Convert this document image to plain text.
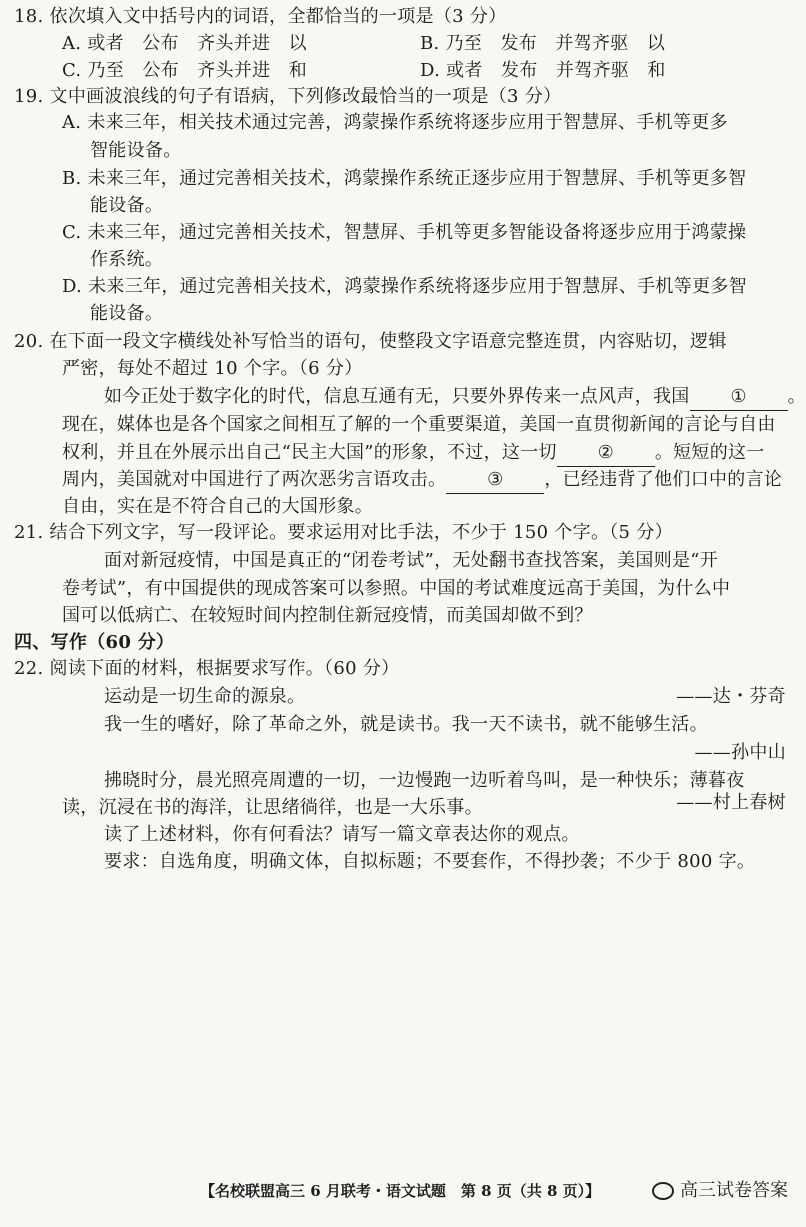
18. 依次填入文中括号内的词语，全都恰当的一项是（3 分）
A. 或者　公布　齐头并进　以	B. 乃至　发布　并驾齐驱　以
C. 乃至　公布　齐头并进　和	D. 或者　发布　并驾齐驱　和
19. 文中画波浪线的句子有语病，下列修改最恰当的一项是（3 分）
A. 未来三年，相关技术通过完善，鸿蒙操作系统将逐步应用于智慧屏、手机等更多
智能设备。
B. 未来三年，通过完善相关技术，鸿蒙操作系统正逐步应用于智慧屏、手机等更多智
能设备。
C. 未来三年，通过完善相关技术，智慧屏、手机等更多智能设备将逐步应用于鸿蒙操
作系统。
D. 未来三年，通过完善相关技术，鸿蒙操作系统将逐步应用于智慧屏、手机等更多智
能设备。
20. 在下面一段文字横线处补写恰当的语句，使整段文字语意完整连贯，内容贴切，逻辑
严密，每处不超过 10 个字。（6 分）
如今正处于数字化的时代，信息互通有无，只要外界传来一点风声，我国 ① 。
现在，媒体也是各个国家之间相互了解的一个重要渠道，美国一直贯彻新闻的言论与自由
权利，并且在外展示出自己“民主大国”的形象，不过，这一切 ② 。短短的这一
周内，美国就对中国进行了两次恶劣言语攻击。 ③ ，已经违背了他们口中的言论
自由，实在是不符合自己的大国形象。
21. 结合下列文字，写一段评论。要求运用对比手法，不少于 150 个字。（5 分）
面对新冠疫情，中国是真正的“闭卷考试”，无处翻书查找答案，美国则是“开
卷考试”，有中国提供的现成答案可以参照。中国的考试难度远高于美国，为什么中
国可以低病亡、在较短时间内控制住新冠疫情，而美国却做不到？
四、写作（60 分）
22. 阅读下面的材料，根据要求写作。（60 分）
运动是一切生命的源泉。	——达・芬奇
我一生的嗜好，除了革命之外，就是读书。我一天不读书，就不能够生活。
——孙中山
拂晓时分，晨光照亮周遭的一切，一边慢跑一边听着鸟叫，是一种快乐；薄暮夜
读，沉浸在书的海洋，让思绪徜徉，也是一大乐事。	——村上春树
读了上述材料，你有何看法？请写一篇文章表达你的观点。
要求：自选角度，明确文体，自拟标题；不要套作，不得抄袭；不少于 800 字。
【名校联盟高三 6 月联考・语文试题　第 8 页（共 8 页）】	高三试卷答案
